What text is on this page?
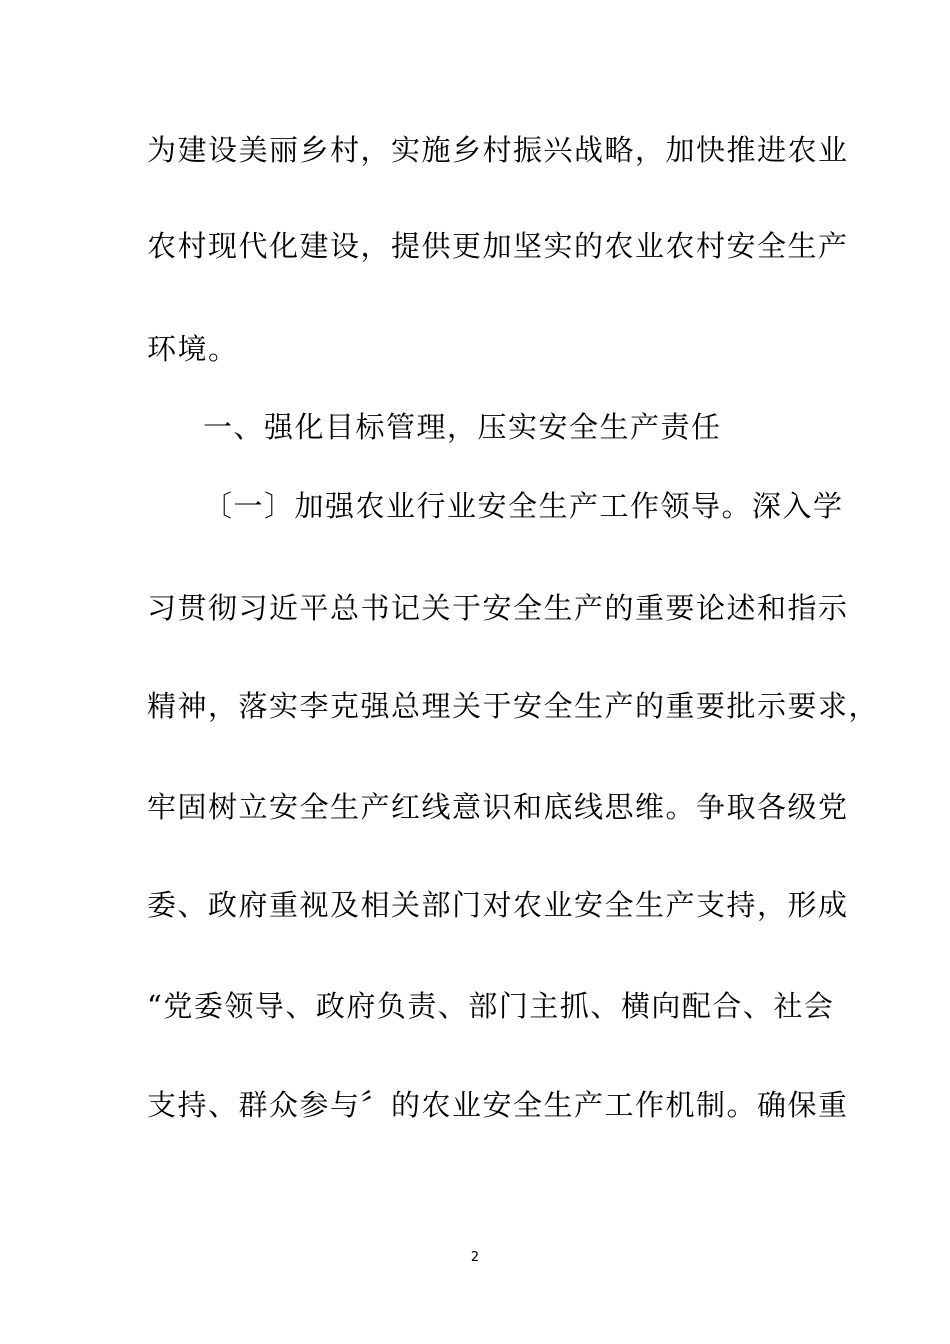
为建设美丽乡村，实施乡村振兴战略，加快推进农业
农村现代化建设，提供更加坚实的农业农村安全生产
环境。
一、强化目标管理，压实安全生产责任
〔一〕加强农业行业安全生产工作领导。深入学
习贯彻习近平总书记关于安全生产的重要论述和指示
精神，落实李克强总理关于安全生产的重要批示要求，
牢固树立安全生产红线意识和底线思维。争取各级党
委、政府重视及相关部门对农业安全生产支持，形成
“党委领导、政府负责、部门主抓、横向配合、社会
支持、群众参与〞的农业安全生产工作机制。确保重
2
